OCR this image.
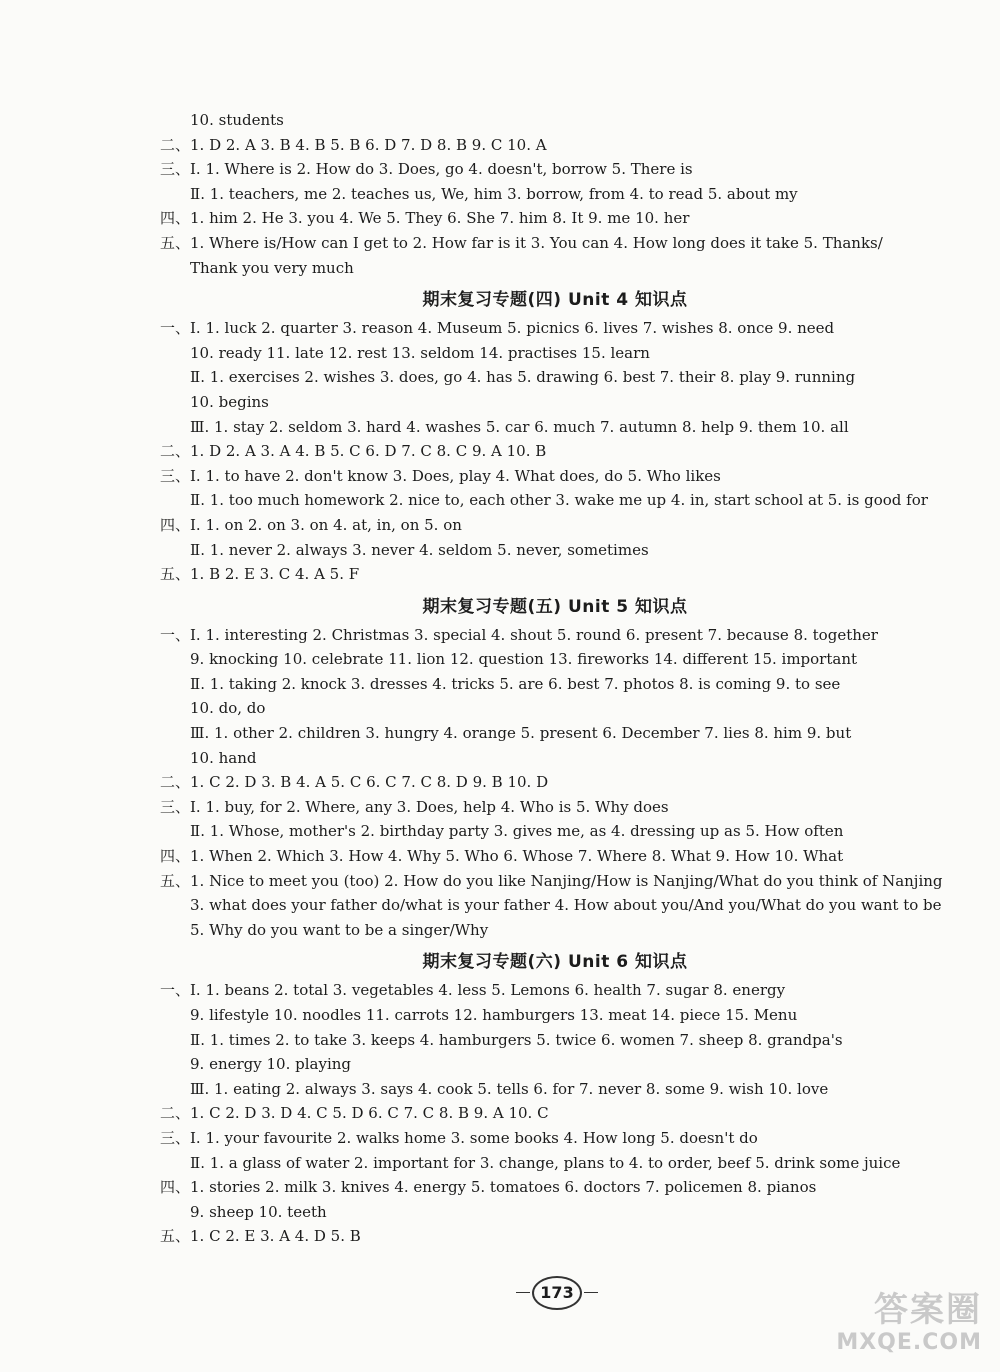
10. students
二、1. D 2. A 3. B 4. B 5. B 6. D 7. D 8. B 9. C 10. A
三、Ⅰ. 1. Where is 2. How do 3. Does, go 4. doesn't, borrow 5. There is
Ⅱ. 1. teachers, me 2. teaches us, We, him 3. borrow, from 4. to read 5. about my
四、1. him 2. He 3. you 4. We 5. They 6. She 7. him 8. It 9. me 10. her
五、1. Where is/How can I get to 2. How far is it 3. You can 4. How long does it take 5. Thanks/
Thank you very much
期末复习专题(四) Unit 4 知识点
一、Ⅰ. 1. luck 2. quarter 3. reason 4. Museum 5. picnics 6. lives 7. wishes 8. once 9. need
10. ready 11. late 12. rest 13. seldom 14. practises 15. learn
Ⅱ. 1. exercises 2. wishes 3. does, go 4. has 5. drawing 6. best 7. their 8. play 9. running
10. begins
Ⅲ. 1. stay 2. seldom 3. hard 4. washes 5. car 6. much 7. autumn 8. help 9. them 10. all
二、1. D 2. A 3. A 4. B 5. C 6. D 7. C 8. C 9. A 10. B
三、Ⅰ. 1. to have 2. don't know 3. Does, play 4. What does, do 5. Who likes
Ⅱ. 1. too much homework 2. nice to, each other 3. wake me up 4. in, start school at 5. is good for
四、Ⅰ. 1. on 2. on 3. on 4. at, in, on 5. on
Ⅱ. 1. never 2. always 3. never 4. seldom 5. never, sometimes
五、1. B 2. E 3. C 4. A 5. F
期末复习专题(五) Unit 5 知识点
一、Ⅰ. 1. interesting 2. Christmas 3. special 4. shout 5. round 6. present 7. because 8. together
9. knocking 10. celebrate 11. lion 12. question 13. fireworks 14. different 15. important
Ⅱ. 1. taking 2. knock 3. dresses 4. tricks 5. are 6. best 7. photos 8. is coming 9. to see
10. do, do
Ⅲ. 1. other 2. children 3. hungry 4. orange 5. present 6. December 7. lies 8. him 9. but
10. hand
二、1. C 2. D 3. B 4. A 5. C 6. C 7. C 8. D 9. B 10. D
三、Ⅰ. 1. buy, for 2. Where, any 3. Does, help 4. Who is 5. Why does
Ⅱ. 1. Whose, mother's 2. birthday party 3. gives me, as 4. dressing up as 5. How often
四、1. When 2. Which 3. How 4. Why 5. Who 6. Whose 7. Where 8. What 9. How 10. What
五、1. Nice to meet you (too) 2. How do you like Nanjing/How is Nanjing/What do you think of Nanjing
3. what does your father do/what is your father 4. How about you/And you/What do you want to be
5. Why do you want to be a singer/Why
期末复习专题(六) Unit 6 知识点
一、Ⅰ. 1. beans 2. total 3. vegetables 4. less 5. Lemons 6. health 7. sugar 8. energy
9. lifestyle 10. noodles 11. carrots 12. hamburgers 13. meat 14. piece 15. Menu
Ⅱ. 1. times 2. to take 3. keeps 4. hamburgers 5. twice 6. women 7. sheep 8. grandpa's
9. energy 10. playing
Ⅲ. 1. eating 2. always 3. says 4. cook 5. tells 6. for 7. never 8. some 9. wish 10. love
二、1. C 2. D 3. D 4. C 5. D 6. C 7. C 8. B 9. A 10. C
三、Ⅰ. 1. your favourite 2. walks home 3. some books 4. How long 5. doesn't do
Ⅱ. 1. a glass of water 2. important for 3. change, plans to 4. to order, beef 5. drink some juice
四、1. stories 2. milk 3. knives 4. energy 5. tomatoes 6. doctors 7. policemen 8. pianos
9. sheep 10. teeth
五、1. C 2. E 3. A 4. D 5. B
173	答案圈
MXQE.COM
